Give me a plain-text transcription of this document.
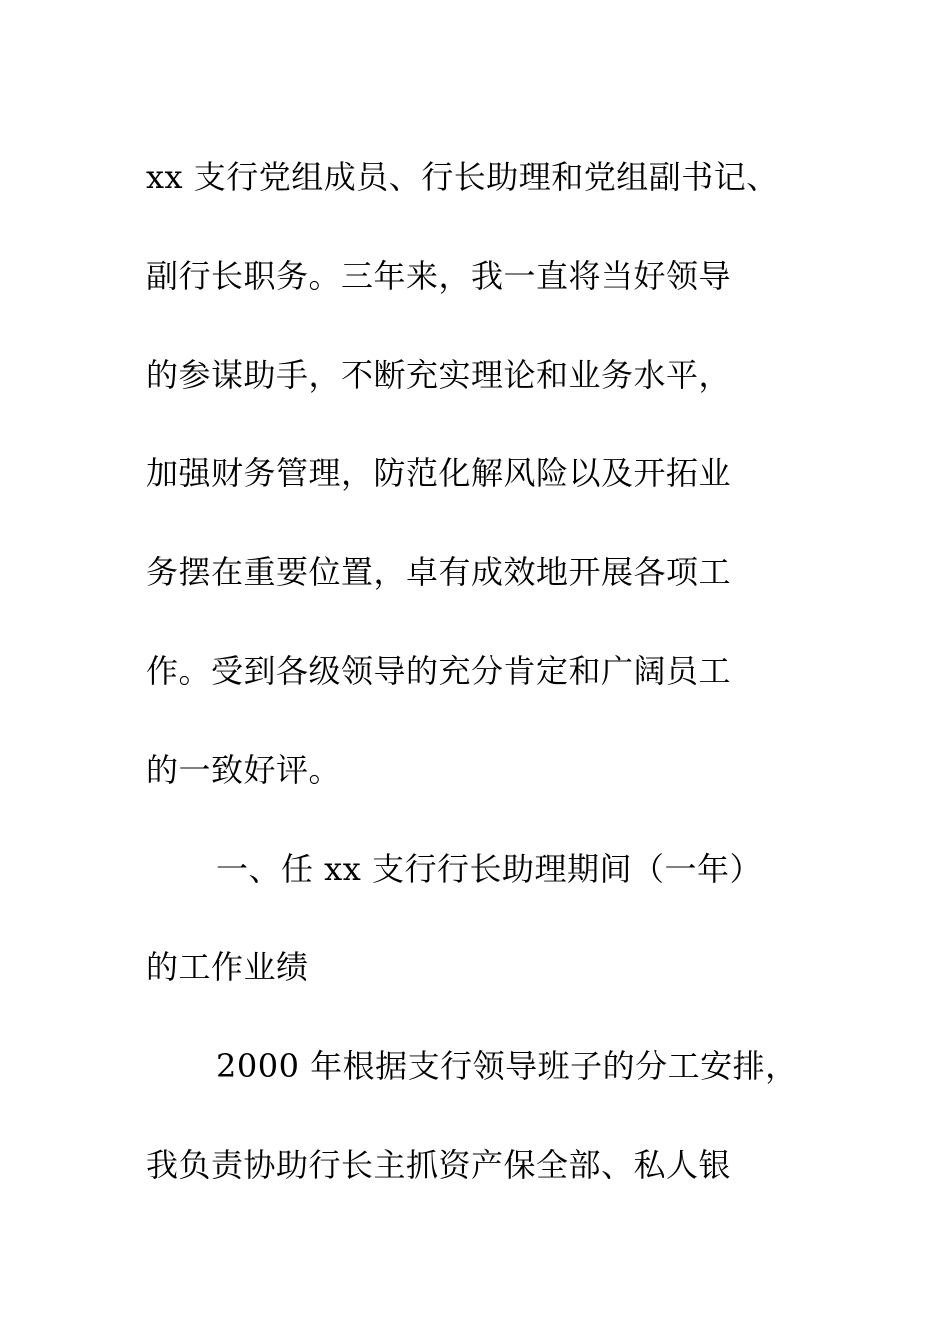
xx 支行党组成员、行长助理和党组副书记、
副行长职务。三年来，我一直将当好领导
的参谋助手，不断充实理论和业务水平，
加强财务管理，防范化解风险以及开拓业
务摆在重要位置，卓有成效地开展各项工
作。受到各级领导的充分肯定和广阔员工
的一致好评。
一、任 xx 支行行长助理期间（一年）
的工作业绩
2000 年根据支行领导班子的分工安排，
我负责协助行长主抓资产保全部、私人银
